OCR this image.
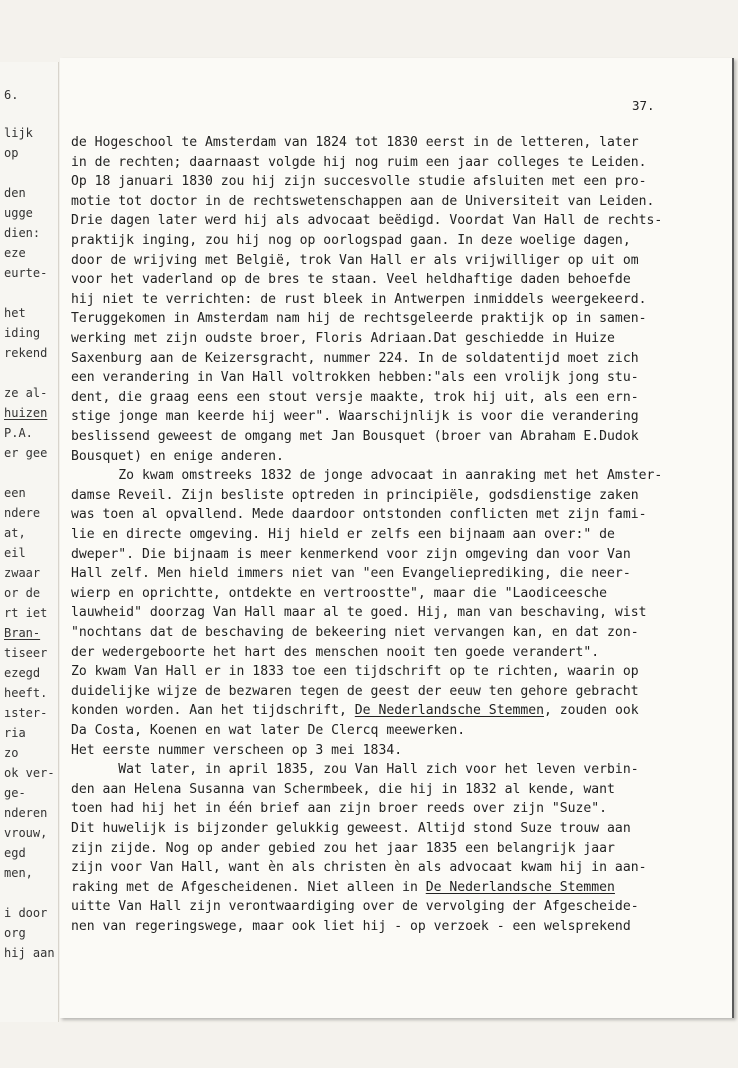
6.
lijk
op
den
ugge
dien:
eze
eurte-
het
iding
rekend
ze al-
huizen
P.A.
er gee
een
ndere
at,
eil
zwaar
or de
rt iet
Bran-
tiseer
ezegd
heeft.
ıster-
ria
zo
ok ver-
ge-
nderen
vrouw,
egd
men,
i door
org
hij aan
37.
de Hogeschool te Amsterdam van 1824 tot 1830 eerst in de letteren, later
in de rechten; daarnaast volgde hij nog ruim een jaar colleges te Leiden.
Op 18 januari 1830 zou hij zijn succesvolle studie afsluiten met een pro-
motie tot doctor in de rechtswetenschappen aan de Universiteit van Leiden.
Drie dagen later werd hij als advocaat beëdigd. Voordat Van Hall de rechts-
praktijk inging, zou hij nog op oorlogspad gaan. In deze woelige dagen,
door de wrijving met België, trok Van Hall er als vrijwilliger op uit om
voor het vaderland op de bres te staan. Veel heldhaftige daden behoefde
hij niet te verrichten: de rust bleek in Antwerpen inmiddels weergekeerd.
Teruggekomen in Amsterdam nam hij de rechtsgeleerde praktijk op in samen-
werking met zijn oudste broer, Floris Adriaan.Dat geschiedde in Huize
Saxenburg aan de Keizersgracht, nummer 224. In de soldatentijd moet zich
een verandering in Van Hall voltrokken hebben:"als een vrolijk jong stu-
dent, die graag eens een stout versje maakte, trok hij uit, als een ern-
stige jonge man keerde hij weer". Waarschijnlijk is voor die verandering
beslissend geweest de omgang met Jan Bousquet (broer van Abraham E.Dudok
Bousquet) en enige anderen.
Zo kwam omstreeks 1832 de jonge advocaat in aanraking met het Amster-
damse Reveil. Zijn besliste optreden in principiële, godsdienstige zaken
was toen al opvallend. Mede daardoor ontstonden conflicten met zijn fami-
lie en directe omgeving. Hij hield er zelfs een bijnaam aan over:" de
dweper". Die bijnaam is meer kenmerkend voor zijn omgeving dan voor Van
Hall zelf. Men hield immers niet van "een Evangelieprediking, die neer-
wierp en oprichtte, ontdekte en vertroostte", maar die "Laodiceesche
lauwheid" doorzag Van Hall maar al te goed. Hij, man van beschaving, wist
"nochtans dat de beschaving de bekeering niet vervangen kan, en dat zon-
der wedergeboorte het hart des menschen nooit ten goede verandert".
Zo kwam Van Hall er in 1833 toe een tijdschrift op te richten, waarin op
duidelijke wijze de bezwaren tegen de geest der eeuw ten gehore gebracht
konden worden. Aan het tijdschrift, De Nederlandsche Stemmen, zouden ook
Da Costa, Koenen en wat later De Clercq meewerken.
Het eerste nummer verscheen op 3 mei 1834.
Wat later, in april 1835, zou Van Hall zich voor het leven verbin-
den aan Helena Susanna van Schermbeek, die hij in 1832 al kende, want
toen had hij het in één brief aan zijn broer reeds over zijn "Suze".
Dit huwelijk is bijzonder gelukkig geweest. Altijd stond Suze trouw aan
zijn zijde. Nog op ander gebied zou het jaar 1835 een belangrijk jaar
zijn voor Van Hall, want èn als christen èn als advocaat kwam hij in aan-
raking met de Afgescheidenen. Niet alleen in De Nederlandsche Stemmen
uitte Van Hall zijn verontwaardiging over de vervolging der Afgescheide-
nen van regeringswege, maar ook liet hij - op verzoek - een welsprekend
